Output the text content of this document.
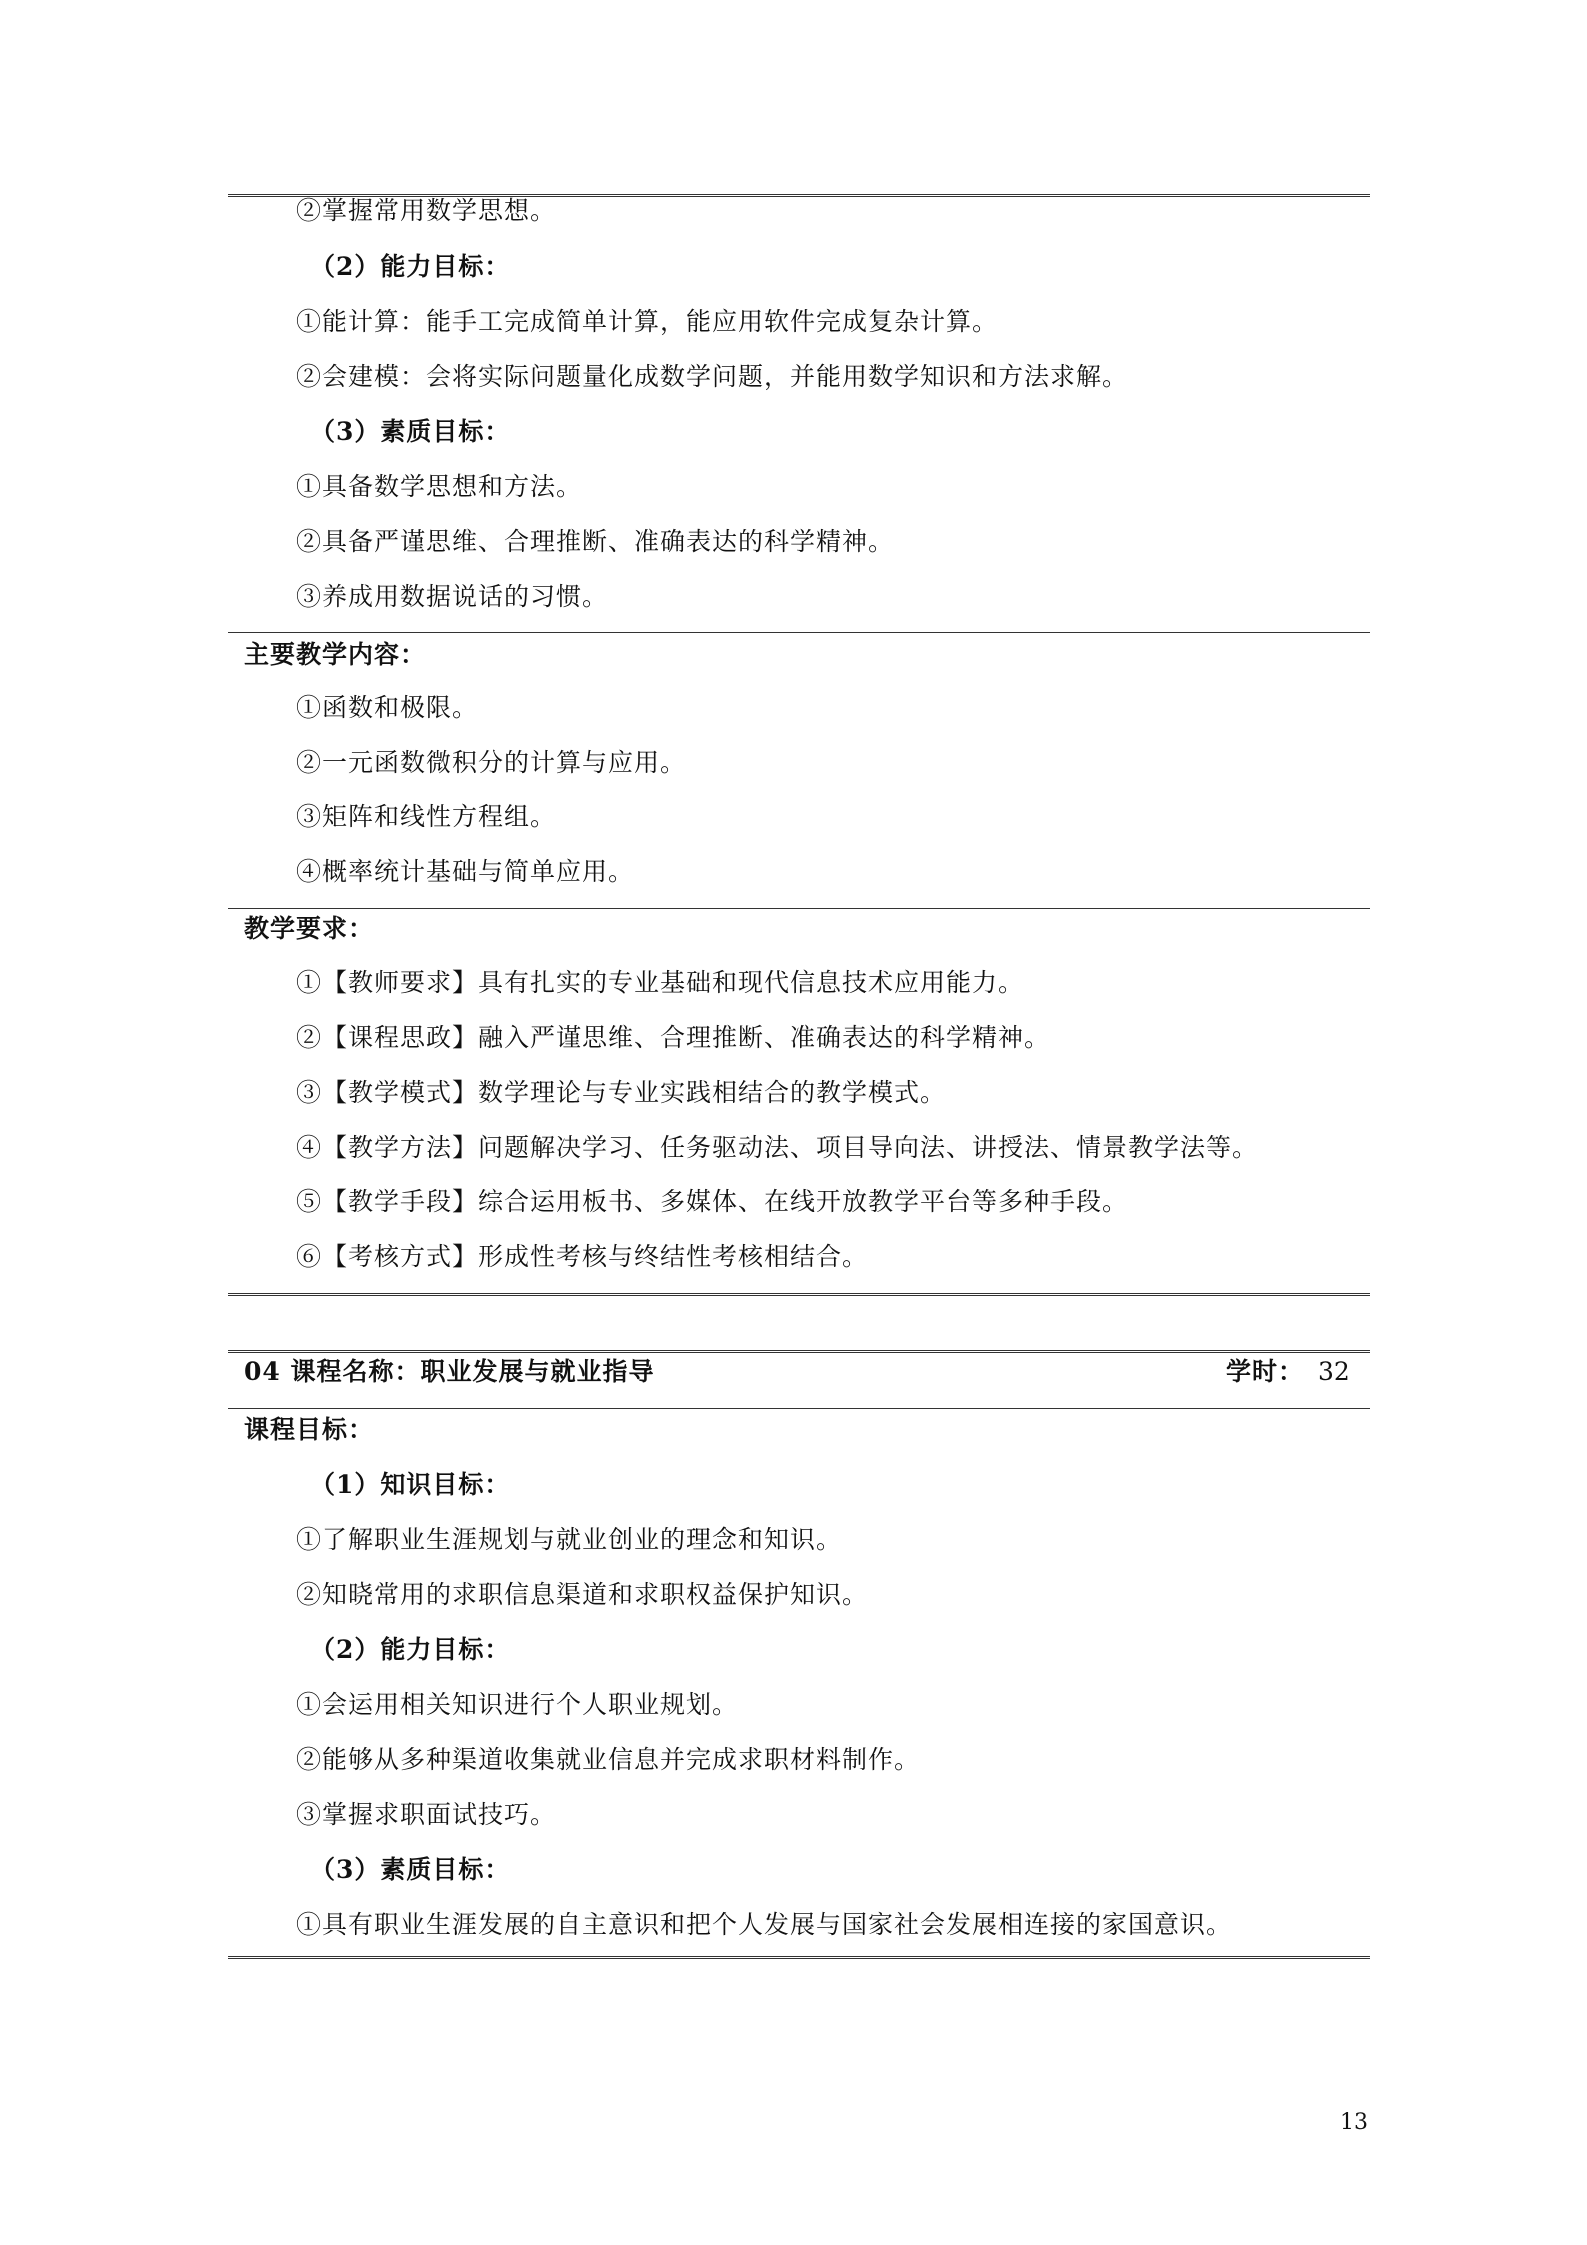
②掌握常用数学思想。
（2）能力目标：
①能计算：能手工完成简单计算，能应用软件完成复杂计算。
②会建模：会将实际问题量化成数学问题，并能用数学知识和方法求解。
（3）素质目标：
①具备数学思想和方法。
②具备严谨思维、合理推断、准确表达的科学精神。
③养成用数据说话的习惯。
主要教学内容：
①函数和极限。
②一元函数微积分的计算与应用。
③矩阵和线性方程组。
④概率统计基础与简单应用。
教学要求：
①【教师要求】具有扎实的专业基础和现代信息技术应用能力。
②【课程思政】融入严谨思维、合理推断、准确表达的科学精神。
③【教学模式】数学理论与专业实践相结合的教学模式。
④【教学方法】问题解决学习、任务驱动法、项目导向法、讲授法、情景教学法等。
⑤【教学手段】综合运用板书、多媒体、在线开放教学平台等多种手段。
⑥【考核方式】形成性考核与终结性考核相结合。
04 课程名称：职业发展与就业指导	学时： 32
课程目标：
（1）知识目标：
①了解职业生涯规划与就业创业的理念和知识。
②知晓常用的求职信息渠道和求职权益保护知识。
（2）能力目标：
①会运用相关知识进行个人职业规划。
②能够从多种渠道收集就业信息并完成求职材料制作。
③掌握求职面试技巧。
（3）素质目标：
①具有职业生涯发展的自主意识和把个人发展与国家社会发展相连接的家国意识。
13
